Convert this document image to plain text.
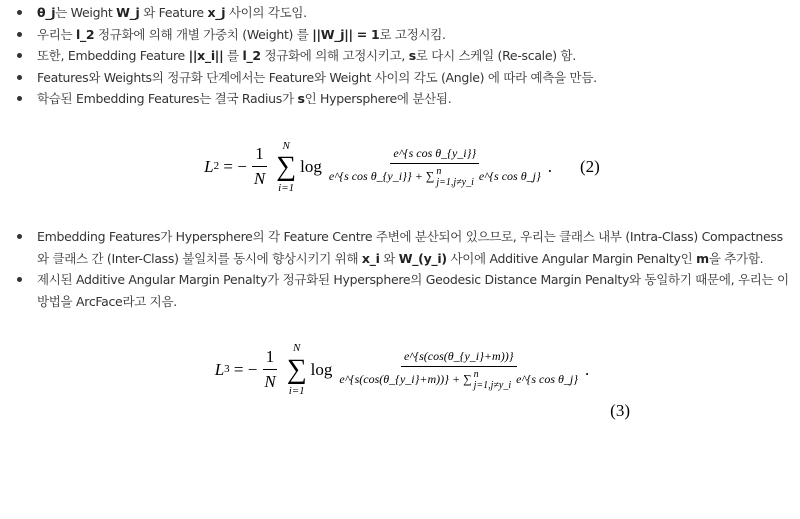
θ_j는 Weight W_j 와 Feature x_j 사이의 각도임.
우리는 l_2 정규화에 의해 개별 가중치 (Weight) 를 ||W_j|| = 1로 고정시킴.
또한, Embedding Feature ||x_i|| 를 l_2 정규화에 의해 고정시키고, s로 다시 스케일 (Re-scale) 함.
Features와 Weights의 정규화 단계에서는 Feature와 Weight 사이의 각도 (Angle) 에 따라 예측을 만듬.
학습된 Embedding Features는 결국 Radius가 s인 Hypersphere에 분산됨.
L 2
= − $\frac{1}{N}$ N
∑
i=1
log e^{s cos θ_{y_i}}
e^{s cos θ_{y_i}}
+ ∑ n
j=1,j≠y_i
e^{s cos θ_j} . (2)
Embedding Features가 Hypersphere의 각 Feature Centre 주변에 분산되어 있으므로, 우리는 클래스 내부 (Intra-Class) Compactness와 클래스 간 (Inter-Class) 불일치를 동시에 향상시키기 위해 x_i 와 W_(y_i) 사이에 Additive Angular Margin Penalty인 m을 추가함.
제시된 Additive Angular Margin Penalty가 정규화된 Hypersphere의 Geodesic Distance Margin Penalty와 동일하기 때문에, 우리는 이 방법을 ArcFace라고 지음.
L 3
= − $\frac{1}{N}$ N
∑
i=1
log e^{s(cos(θ_{y_i}+m))}
e^{s(cos(θ_{y_i}+m))}
+ ∑ n
j=1,j≠y_i
e^{s cos θ_j} .
(3)
